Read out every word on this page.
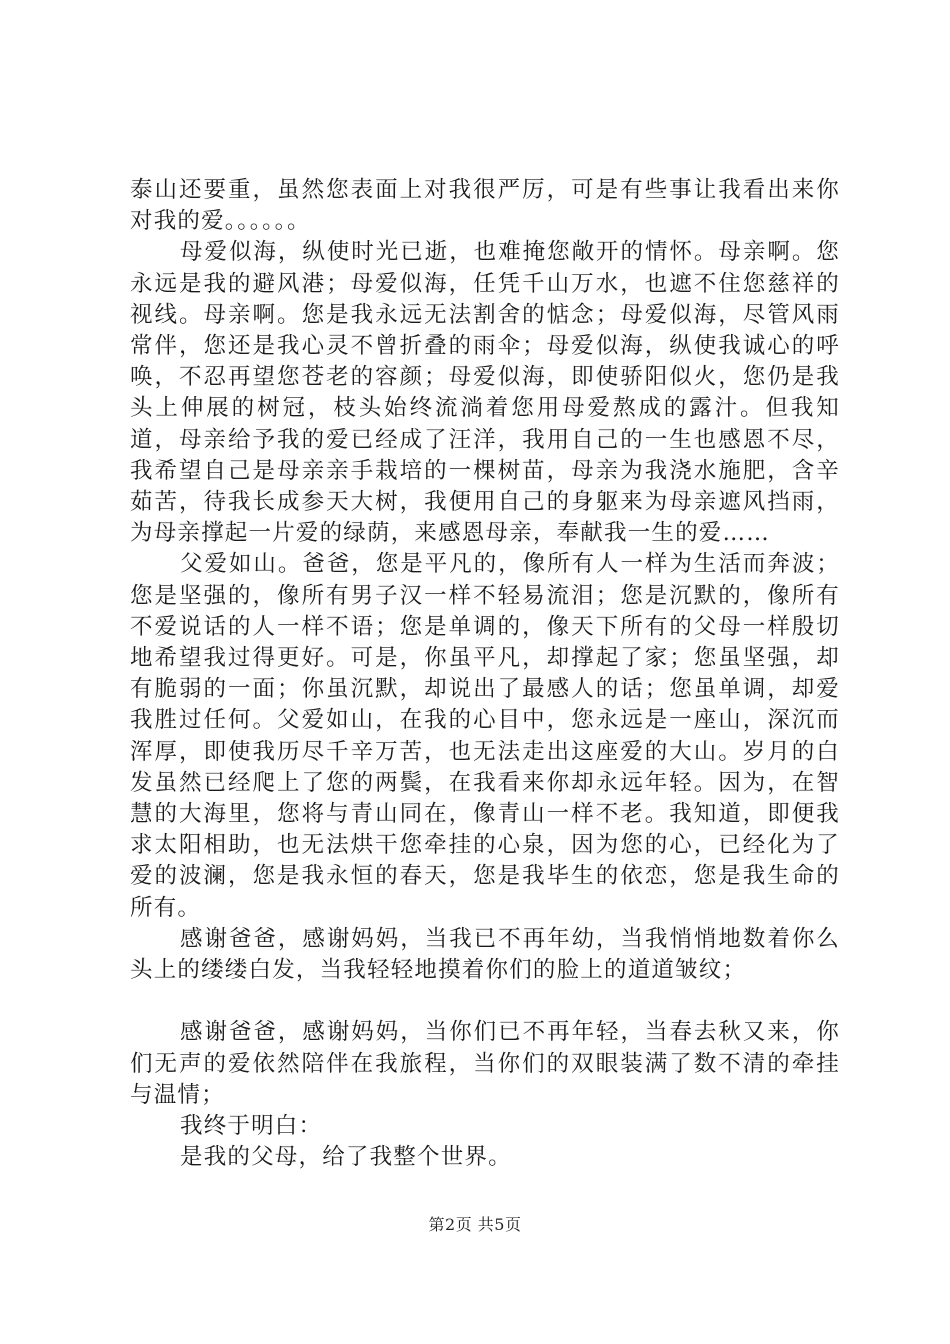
泰山还要重，虽然您表面上对我很严厉，可是有些事让我看出来你对我的爱。。。。。。

母爱似海，纵使时光已逝，也难掩您敞开的情怀。母亲啊。您永远是我的避风港；母爱似海，任凭千山万水，也遮不住您慈祥的视线。母亲啊。您是我永远无法割舍的惦念；母爱似海，尽管风雨常伴，您还是我心灵不曾折叠的雨伞；母爱似海，纵使我诚心的呼唤，不忍再望您苍老的容颜；母爱似海，即使骄阳似火，您仍是我头上伸展的树冠，枝头始终流淌着您用母爱熬成的露汁。但我知道，母亲给予我的爱已经成了汪洋，我用自己的一生也感恩不尽，我希望自己是母亲亲手栽培的一棵树苗，母亲为我浇水施肥，含辛茹苦，待我长成参天大树，我便用自己的身躯来为母亲遮风挡雨，为母亲撑起一片爱的绿荫，来感恩母亲，奉献我一生的爱……

父爱如山。爸爸，您是平凡的，像所有人一样为生活而奔波；您是坚强的，像所有男子汉一样不轻易流泪；您是沉默的，像所有不爱说话的人一样不语；您是单调的，像天下所有的父母一样殷切地希望我过得更好。可是，你虽平凡，却撑起了家；您虽坚强，却有脆弱的一面；你虽沉默，却说出了最感人的话；您虽单调，却爱我胜过任何。父爱如山，在我的心目中，您永远是一座山，深沉而浑厚，即使我历尽千辛万苦，也无法走出这座爱的大山。岁月的白发虽然已经爬上了您的两鬓，在我看来你却永远年轻。因为，在智慧的大海里，您将与青山同在，像青山一样不老。我知道，即便我求太阳相助，也无法烘干您牵挂的心泉，因为您的心，已经化为了爱的波澜，您是我永恒的春天，您是我毕生的依恋，您是我生命的所有。

感谢爸爸，感谢妈妈，当我已不再年幼，当我悄悄地数着你么头上的缕缕白发，当我轻轻地摸着你们的脸上的道道皱纹；

感谢爸爸，感谢妈妈，当你们已不再年轻，当春去秋又来，你们无声的爱依然陪伴在我旅程，当你们的双眼装满了数不清的牵挂与温情；

我终于明白：

是我的父母，给了我整个世界。

第2页 共5页
